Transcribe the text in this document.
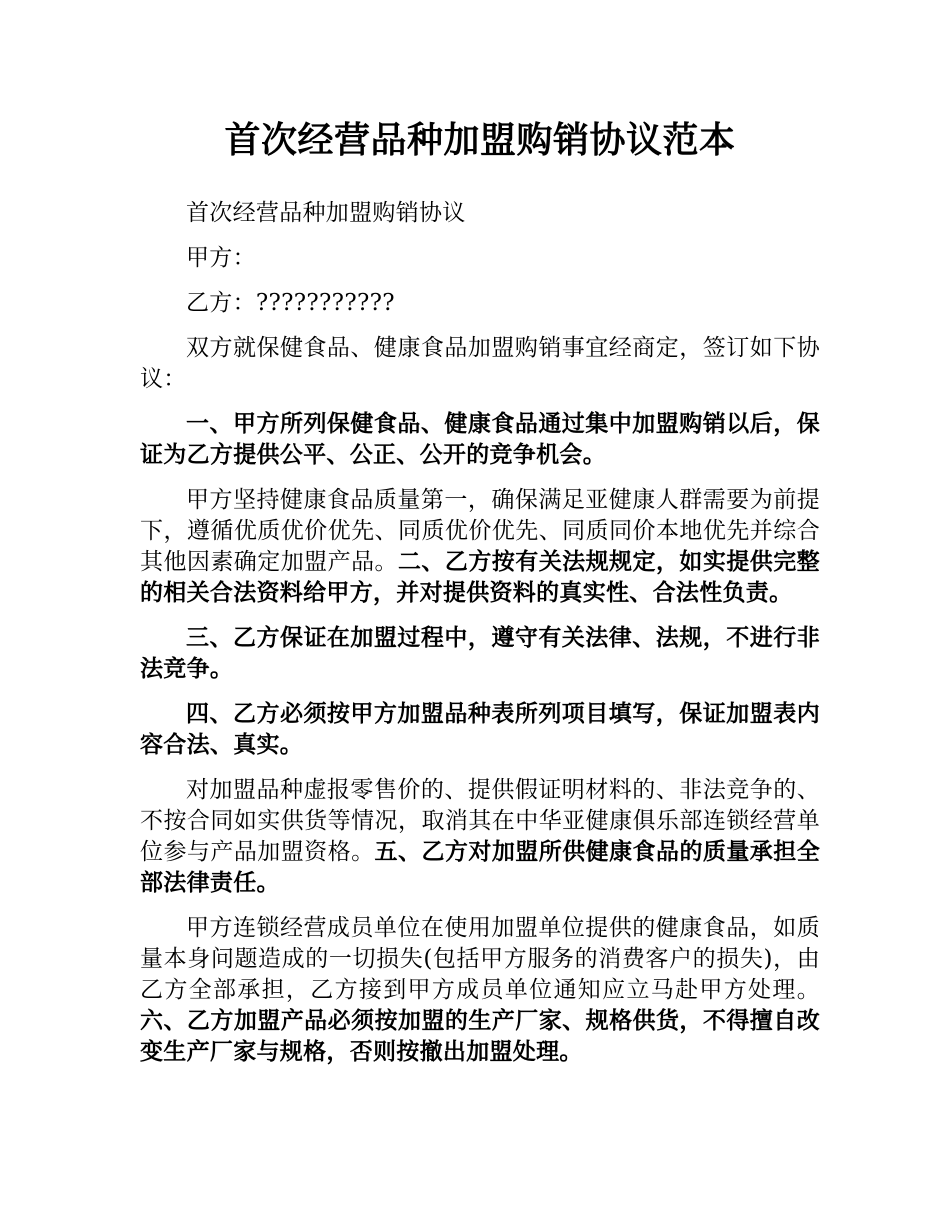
首次经营品种加盟购销协议范本

首次经营品种加盟购销协议

甲方：

乙方：???????????

双方就保健食品、健康食品加盟购销事宜经商定，签订如下协议：

一、甲方所列保健食品、健康食品通过集中加盟购销以后，保证为乙方提供公平、公正、公开的竞争机会。

甲方坚持健康食品质量第一，确保满足亚健康人群需要为前提下，遵循优质优价优先、同质优价优先、同质同价本地优先并综合其他因素确定加盟产品。二、乙方按有关法规规定，如实提供完整的相关合法资料给甲方，并对提供资料的真实性、合法性负责。

三、乙方保证在加盟过程中，遵守有关法律、法规，不进行非法竞争。

四、乙方必须按甲方加盟品种表所列项目填写，保证加盟表内容合法、真实。

对加盟品种虚报零售价的、提供假证明材料的、非法竞争的、不按合同如实供货等情况，取消其在中华亚健康俱乐部连锁经营单位参与产品加盟资格。五、乙方对加盟所供健康食品的质量承担全部法律责任。

甲方连锁经营成员单位在使用加盟单位提供的健康食品，如质量本身问题造成的一切损失(包括甲方服务的消费客户的损失)，由乙方全部承担，乙方接到甲方成员单位通知应立马赴甲方处理。六、乙方加盟产品必须按加盟的生产厂家、规格供货，不得擅自改变生产厂家与规格，否则按撤出加盟处理。
